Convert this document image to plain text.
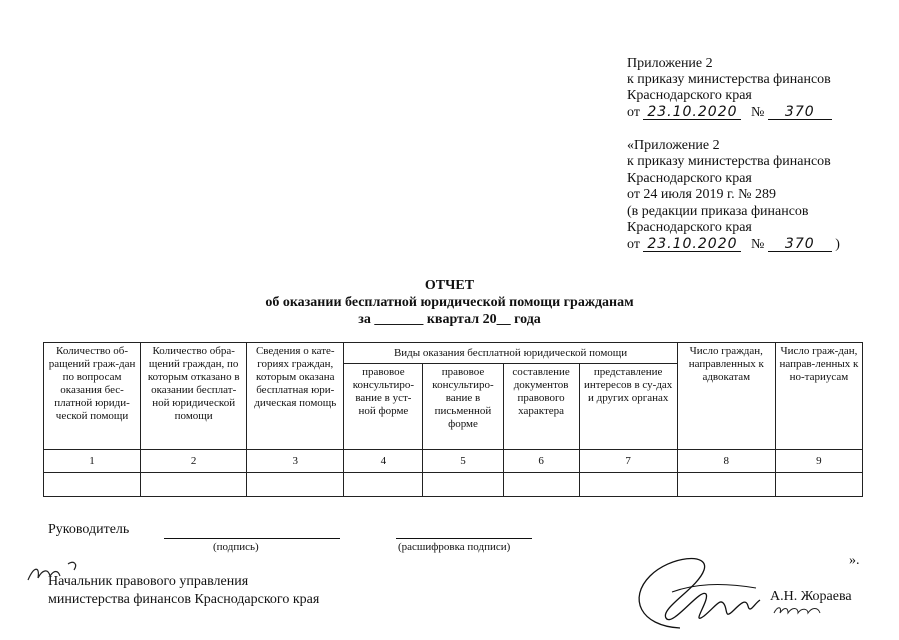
Приложение 2
к приказу министерства финансов
Краснодарского края
от 23.10.2020 № 370
«Приложение 2
к приказу министерства финансов
Краснодарского края
от 24 июля 2019 г. № 289
(в редакции приказа финансов
Краснодарского края
от 23.10.2020 № 370 )
ОТЧЕТ
об оказании бесплатной юридической помощи гражданам
за _______ квартал 20__ года
Количество об-ращений граж-дан по вопросам оказания бес-платной юриди-ческой помощи	Количество обра-щений граждан, по которым отказано в оказании бесплат-ной юридической помощи	Сведения о кате-гориях граждан, которым оказана бесплатная юри-дическая помощь	Виды оказания бесплатной юридической помощи				Число граждан, направленных к адвокатам	Число граж-дан, направ-ленных к но-тариусам
			правовое консультиро-вание в уст-ной форме	правовое консультиро-вание в письменной форме	составление документов правового характера	представление интересов в су-дах и других органах		
1	2	3	4	5	6	7	8	9

Руководитель
(подпись)	(расшифровка подписи)
».
Начальник правового управления
министерства финансов Краснодарского края	А.Н. Жораева
